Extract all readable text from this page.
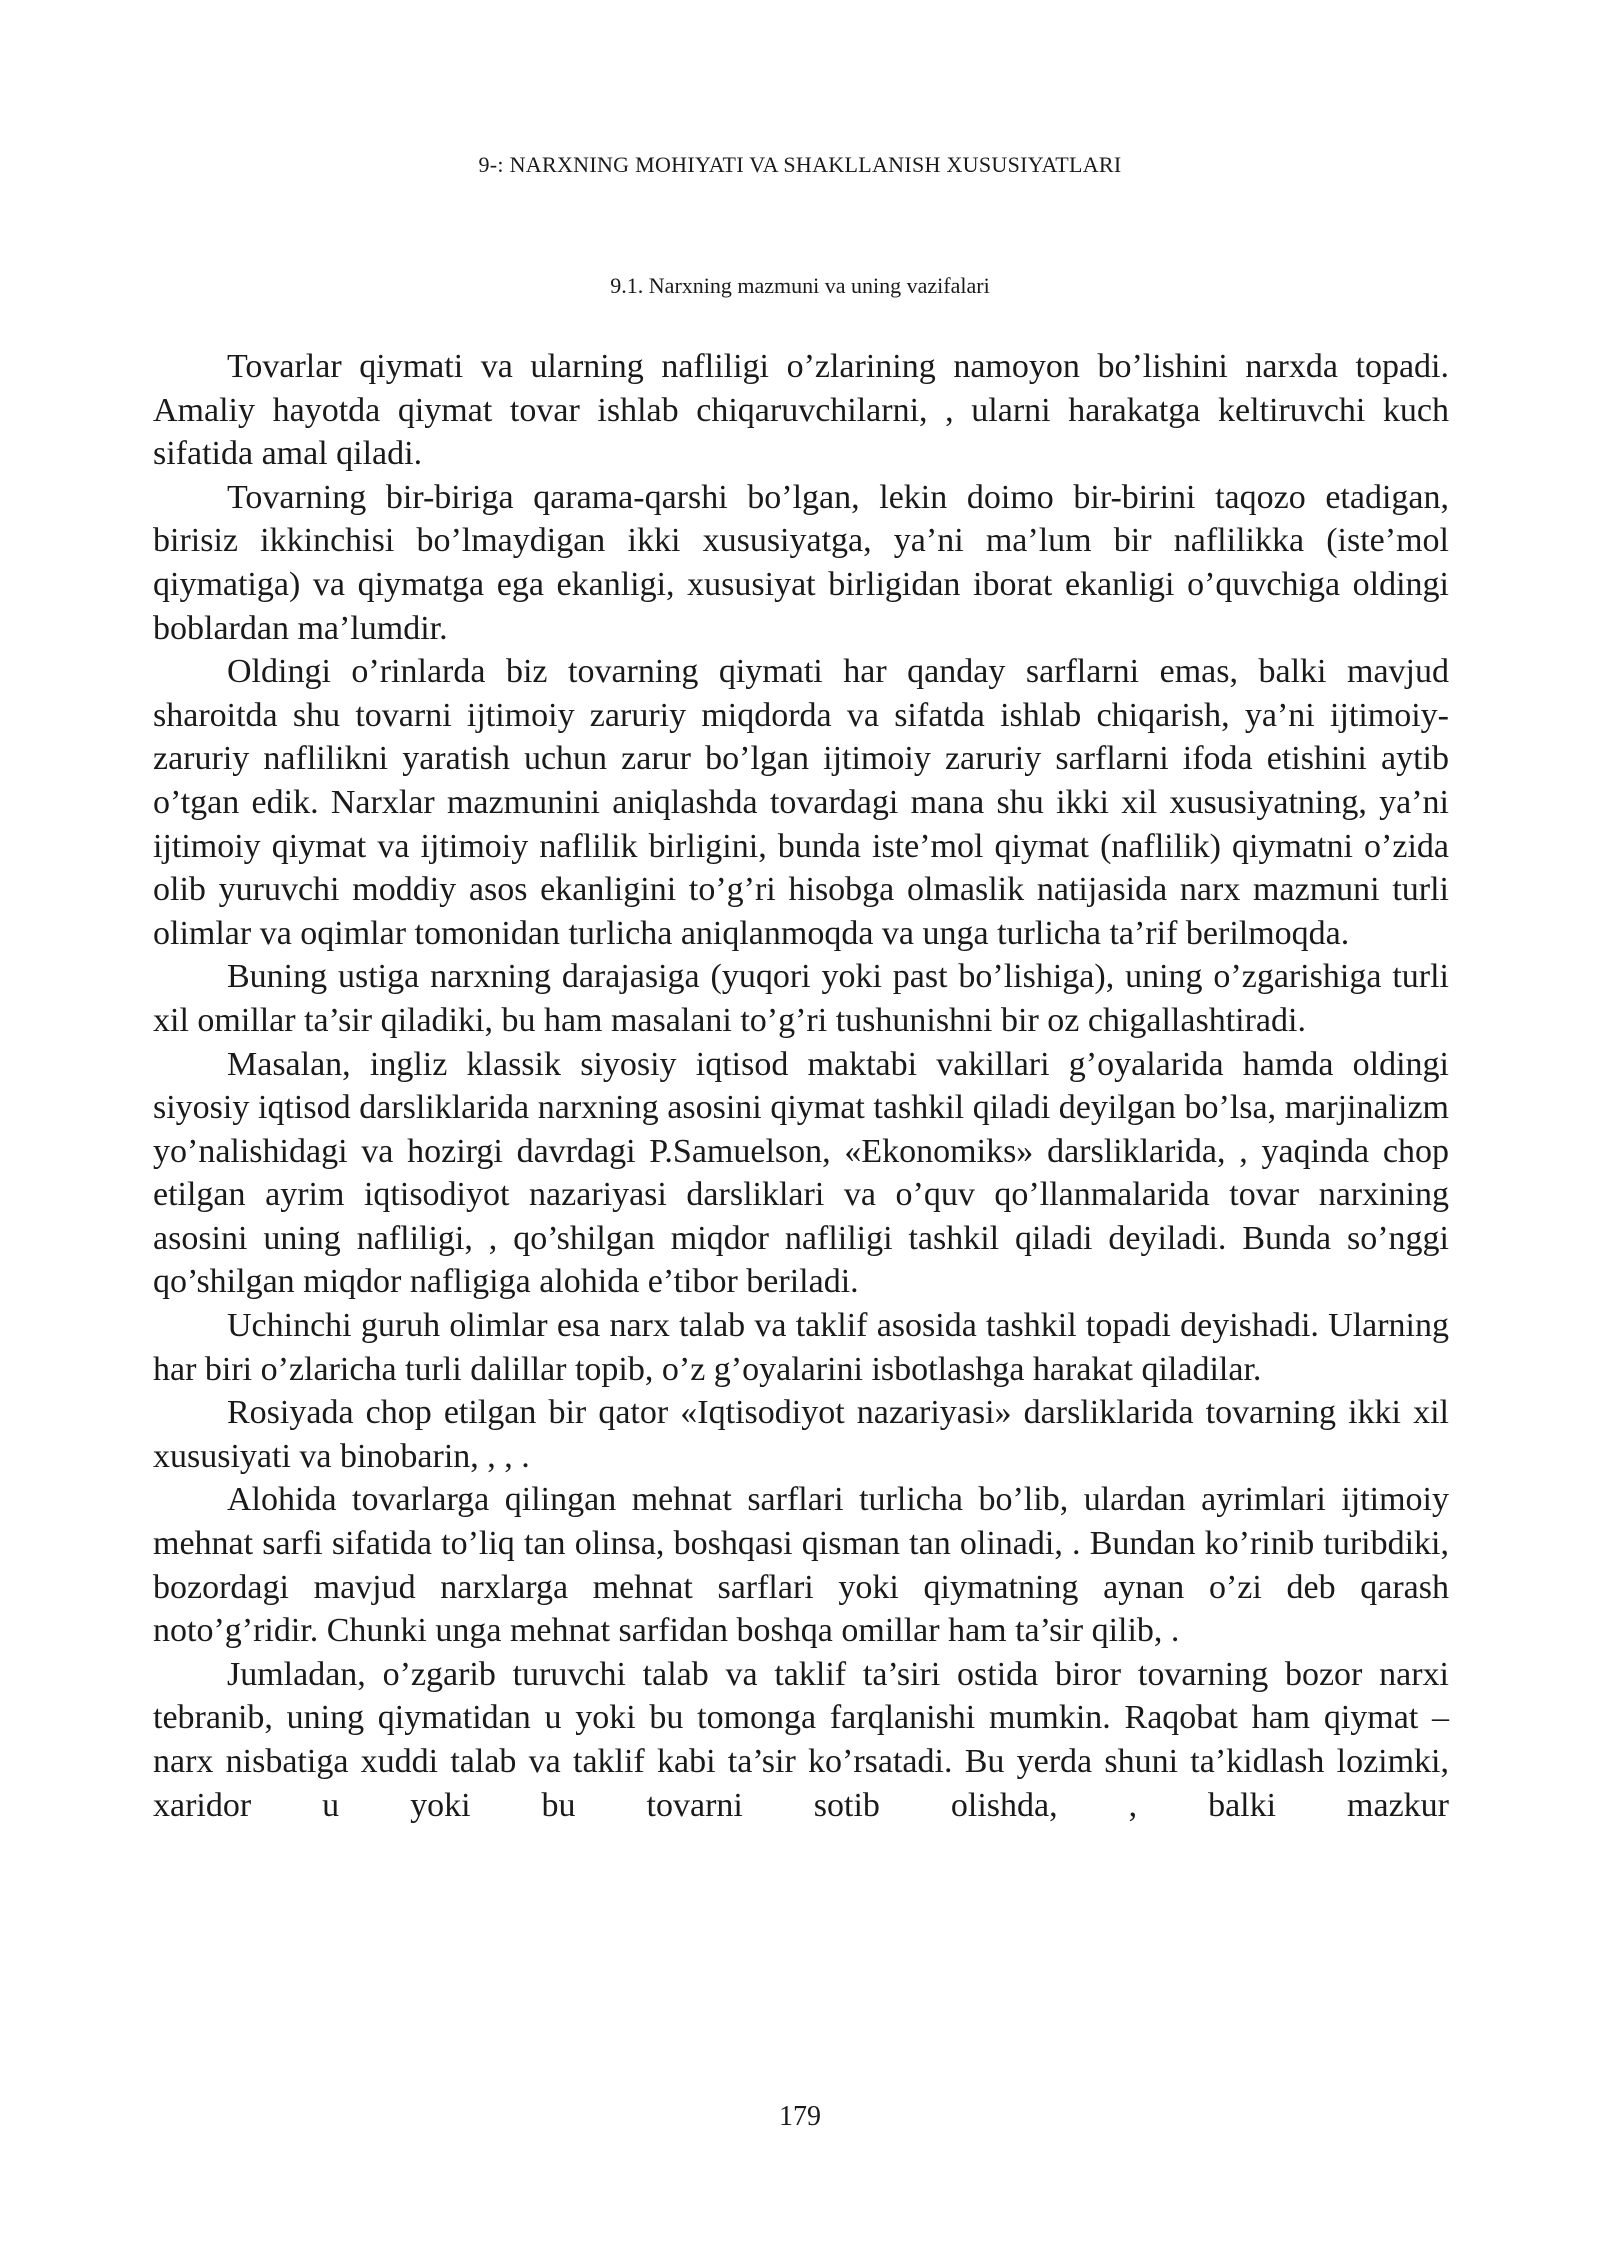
9-: NARXNING MOHIYATI VA SHAKLLANISH XUSUSIYATLARI
9.1. Narxning mazmuni va uning vazifalari

Tovarlar qiymati va ularning nafliligi o’zlarining namoyon bo’lishini narxda topadi. Amaliy hayotda qiymat tovar ishlab chiqaruvchilarni, , ularni harakatga keltiruvchi kuch sifatida amal qiladi.

Tovarning bir-biriga qarama-qarshi bo’lgan, lekin doimo bir-birini taqozo etadigan, birisiz ikkinchisi bo’lmaydigan ikki xususiyatga, ya’ni ma’lum bir naflilikka (iste’mol qiymatiga) va qiymatga ega ekanligi, xususiyat birligidan iborat ekanligi o’quvchiga oldingi boblardan ma’lumdir.

Oldingi o’rinlarda biz tovarning qiymati har qanday sarflarni emas, balki mavjud sharoitda shu tovarni ijtimoiy zaruriy miqdorda va sifatda ishlab chiqarish, ya’ni ijtimoiy-zaruriy naflilikni yaratish uchun zarur bo’lgan ijtimoiy zaruriy sarflarni ifoda etishini aytib o’tgan edik. Narxlar mazmunini aniqlashda tovardagi mana shu ikki xil xususiyatning, ya’ni ijtimoiy qiymat va ijtimoiy naflilik birligini, bunda iste’mol qiymat (naflilik) qiymatni o’zida olib yuruvchi moddiy asos ekanligini to’g’ri hisobga olmaslik natijasida narx mazmuni turli olimlar va oqimlar tomonidan turlicha aniqlanmoqda va unga turlicha ta’rif berilmoqda.

Buning ustiga narxning darajasiga (yuqori yoki past bo’lishiga), uning o’zgarishiga turli xil omillar ta’sir qiladiki, bu ham masalani to’g’ri tushunishni bir oz chigallashtiradi.

Masalan, ingliz klassik siyosiy iqtisod maktabi vakillari g’oyalarida hamda oldingi siyosiy iqtisod darsliklarida narxning asosini qiymat tashkil qiladi deyilgan bo’lsa, marjinalizm yo’nalishidagi va hozirgi davrdagi P.Samuelson, «Ekonomiks» darsliklarida, , yaqinda chop etilgan ayrim iqtisodiyot nazariyasi darsliklari va o’quv qo’llanmalarida tovar narxining asosini uning nafliligi, , qo’shilgan miqdor nafliligi tashkil qiladi deyiladi. Bunda so’nggi qo’shilgan miqdor nafligiga alohida e’tibor beriladi.

Uchinchi guruh olimlar esa narx talab va taklif asosida tashkil topadi deyishadi. Ularning har biri o’zlaricha turli dalillar topib, o’z g’oyalarini isbotlashga harakat qiladilar.

Rosiyada chop etilgan bir qator «Iqtisodiyot nazariyasi» darsliklarida tovarning ikki xil xususiyati va binobarin, , , .

Alohida tovarlarga qilingan mehnat sarflari turlicha bo’lib, ulardan ayrimlari ijtimoiy mehnat sarfi sifatida to’liq tan olinsa, boshqasi qisman tan olinadi, . Bundan ko’rinib turibdiki, bozordagi mavjud narxlarga mehnat sarflari yoki qiymatning aynan o’zi deb qarash noto’g’ridir. Chunki unga mehnat sarfidan boshqa omillar ham ta’sir qilib, .

Jumladan, o’zgarib turuvchi talab va taklif ta’siri ostida biror tovarning bozor narxi tebranib, uning qiymatidan u yoki bu tomonga farqlanishi mumkin. Raqobat ham qiymat – narx nisbatiga xuddi talab va taklif kabi ta’sir ko’rsatadi. Bu yerda shuni ta’kidlash lozimki, xaridor u yoki bu tovarni sotib olishda, , balki mazkur

179
